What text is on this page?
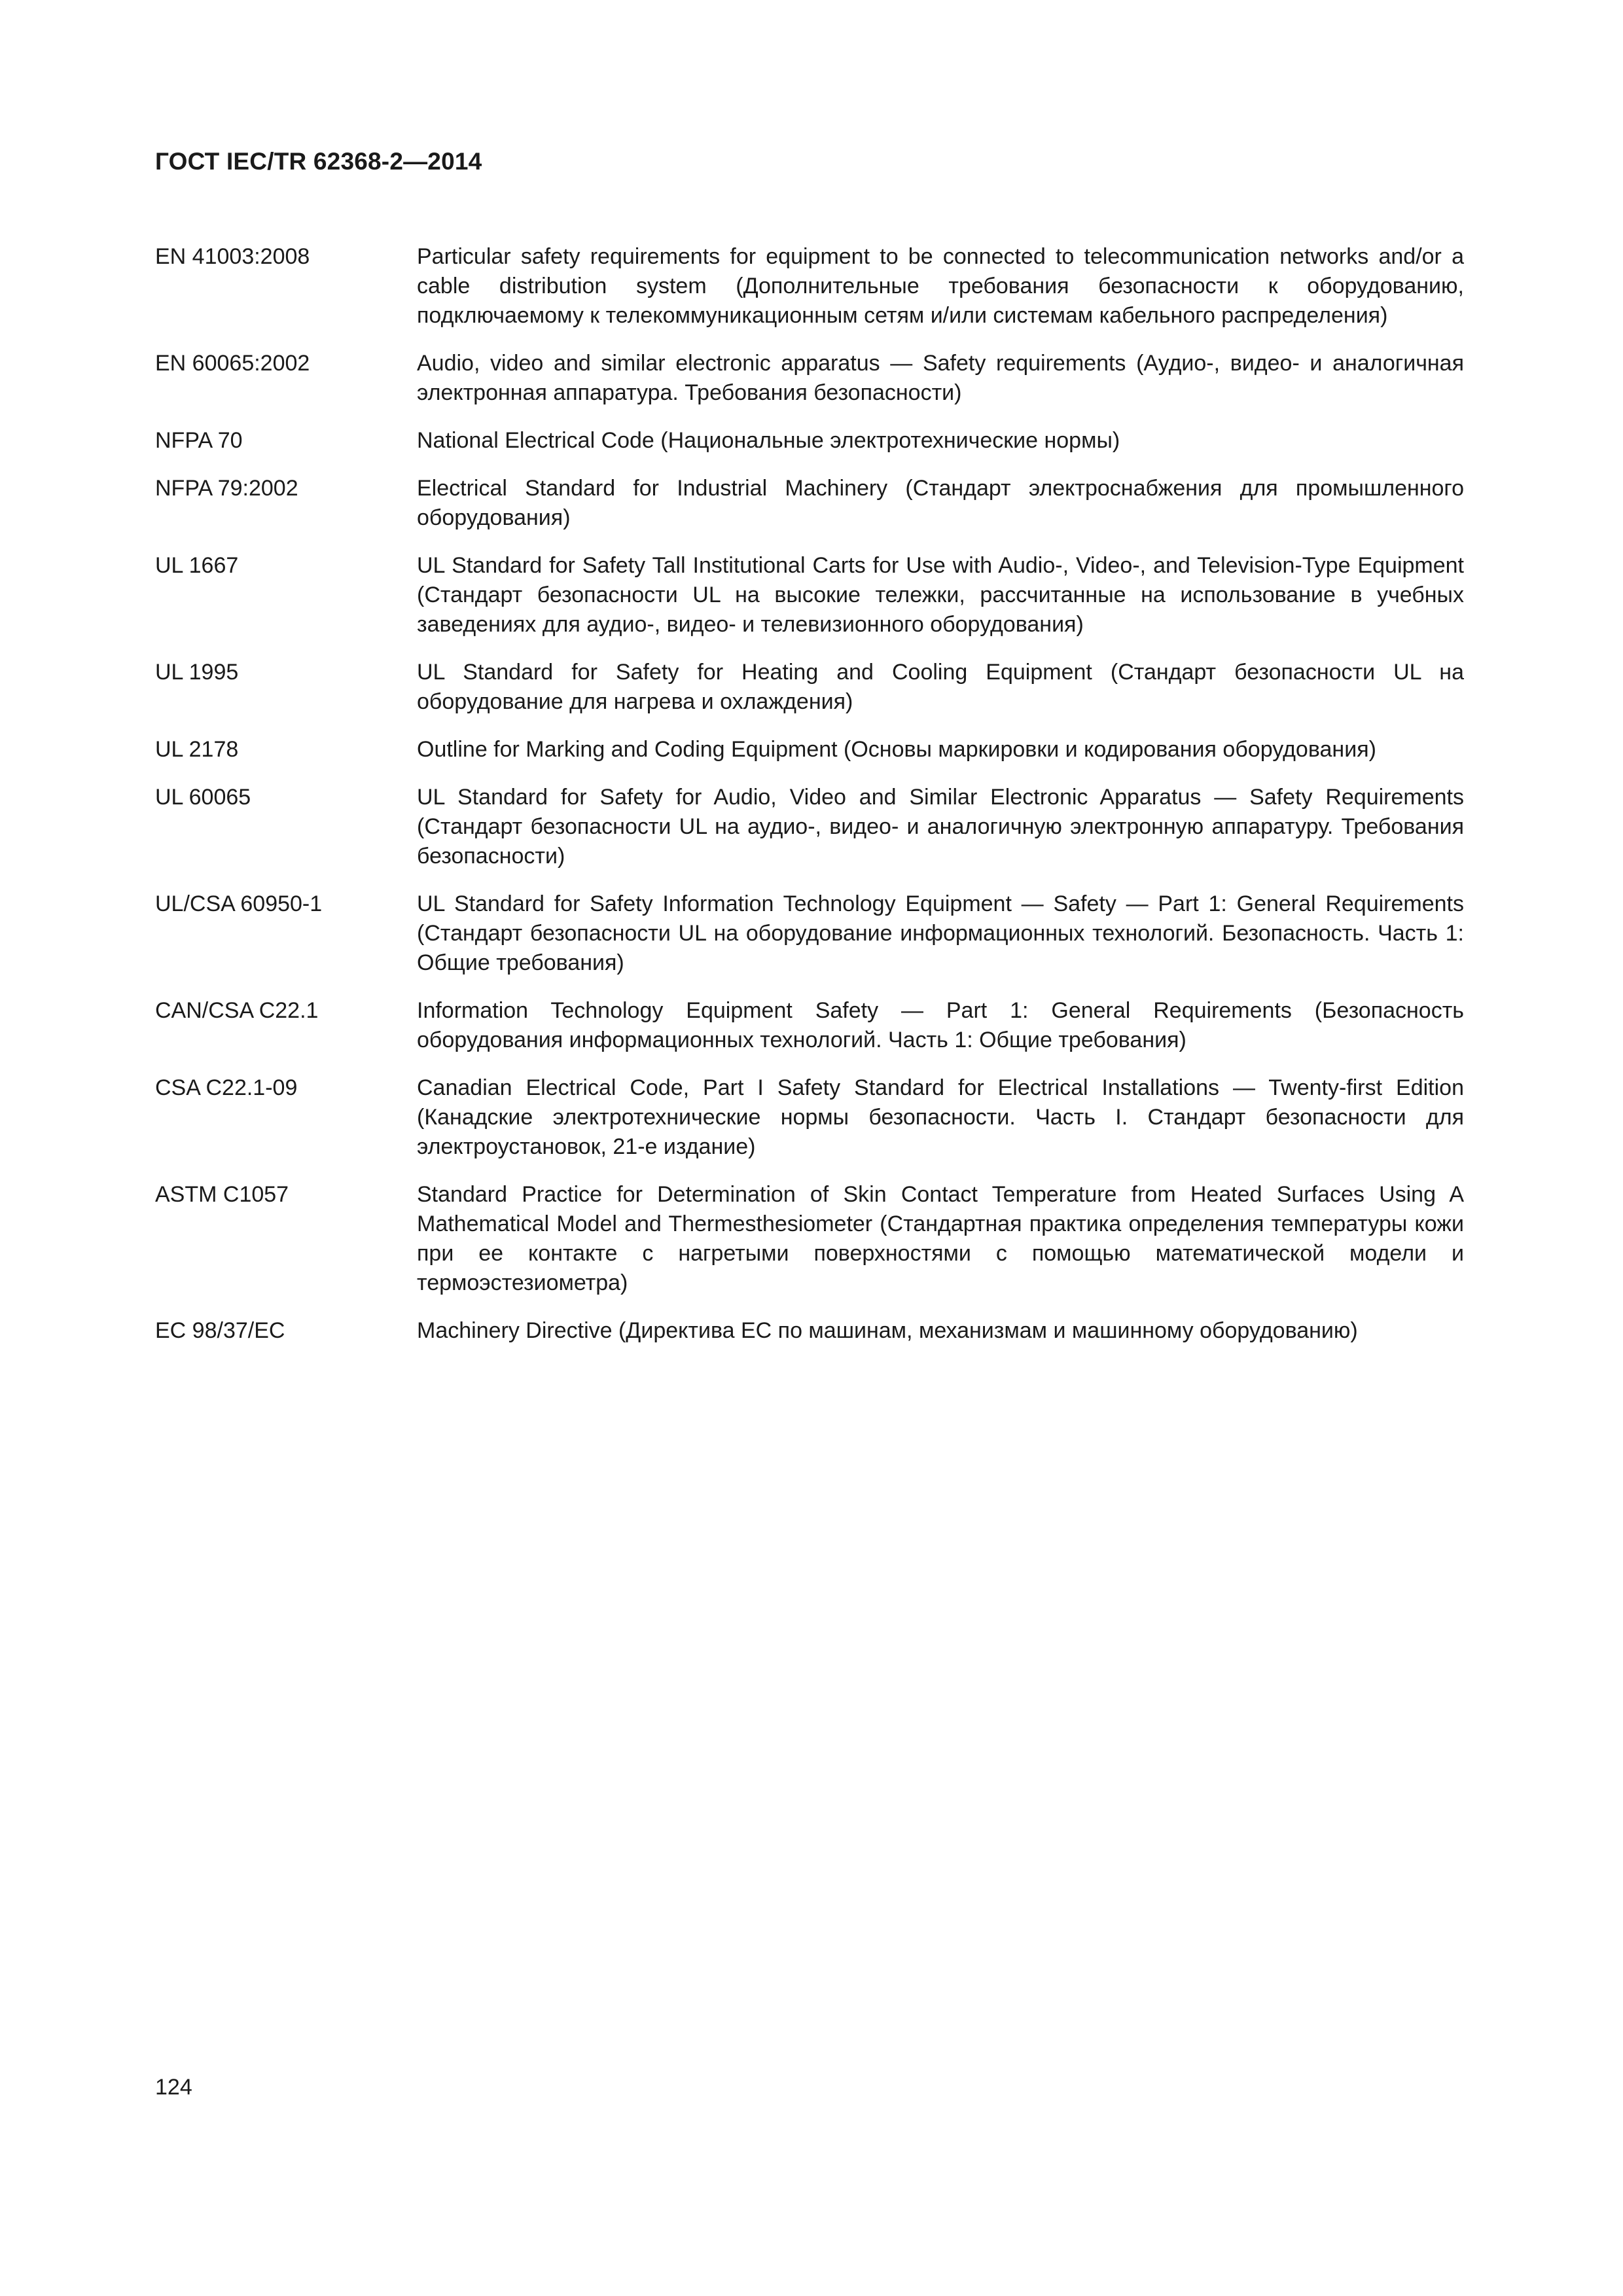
ГОСТ IEC/TR 62368-2—2014
EN 41003:2008	Particular safety requirements for equipment to be connected to telecommunication networks and/or a cable distribution system (Дополнительные требования безопасности к оборудованию, подключаемому к телекоммуникационным сетям и/или системам кабельного распределения)
EN 60065:2002	Audio, video and similar electronic apparatus — Safety requirements (Аудио-, видео- и аналогичная электронная аппаратура. Требования безопасности)
NFPA 70	National Electrical Code (Национальные электротехнические нормы)
NFPA 79:2002	Electrical Standard for Industrial Machinery (Стандарт электроснабжения для промышленного оборудования)
UL 1667	UL Standard for Safety Tall Institutional Carts for Use with Audio-, Video-, and Television-Type Equipment (Стандарт безопасности UL на высокие тележки, рассчитанные на использование в учебных заведениях для аудио-, видео- и телевизионного оборудования)
UL 1995	UL Standard for Safety for Heating and Cooling Equipment (Стандарт безопасности UL на оборудование для нагрева и охлаждения)
UL 2178	Outline for Marking and Coding Equipment (Основы маркировки и кодирования оборудования)
UL 60065	UL Standard for Safety for Audio, Video and Similar Electronic Apparatus — Safety Requirements (Стандарт безопасности UL на аудио-, видео- и аналогичную электронную аппаратуру. Требования безопасности)
UL/CSA 60950-1	UL Standard for Safety Information Technology Equipment — Safety — Part 1: General Requirements (Стандарт безопасности UL на оборудование информационных технологий. Безопасность. Часть 1: Общие требования)
CAN/CSA C22.1	Information Technology Equipment Safety — Part 1: General Requirements (Безопасность оборудования информационных технологий. Часть 1: Общие требования)
CSA C22.1-09	Canadian Electrical Code, Part I Safety Standard for Electrical Installations — Twenty-first Edition (Канадские электротехнические нормы безопасности. Часть I. Стандарт безопасности для электроустановок, 21-е издание)
ASTM C1057	Standard Practice for Determination of Skin Contact Temperature from Heated Surfaces Using A Mathematical Model and Thermesthesiometer (Стандартная практика определения температуры кожи при ее контакте с нагретыми поверхностями с помощью математической модели и термоэстезиометра)
EC 98/37/EC	Machinery Directive (Директива ЕС по машинам, механизмам и машинному оборудованию)
124
